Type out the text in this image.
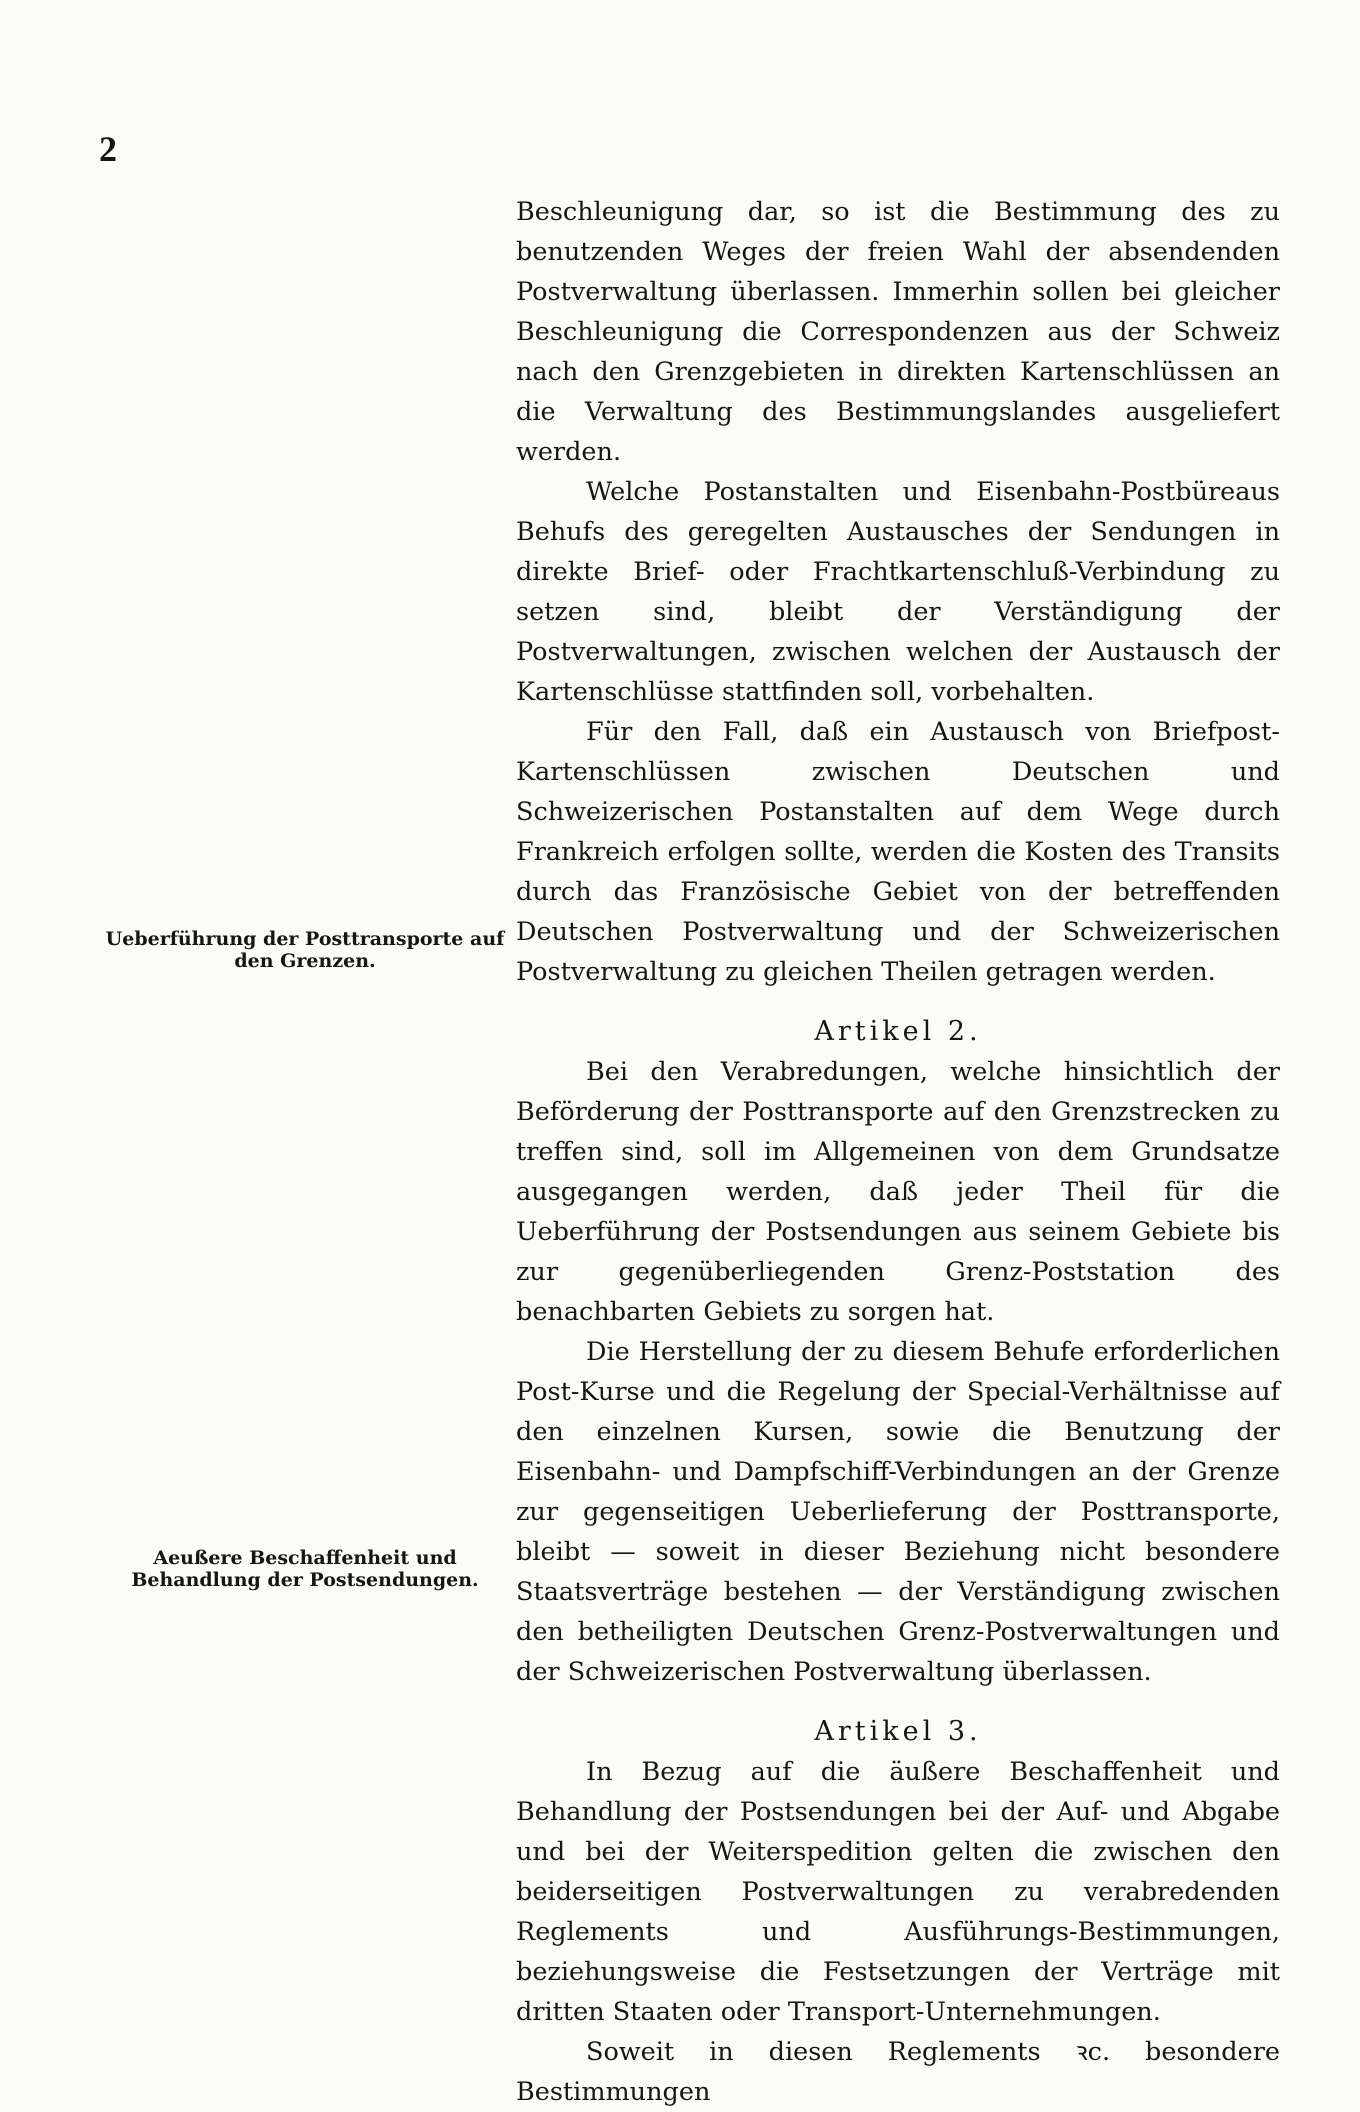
2
Ueberführung der Posttransporte auf den Grenzen.
Aeußere Beschaffenheit und Behandlung der Postsendungen.

Beschleunigung dar, so ist die Bestimmung des zu benutzenden Weges der freien Wahl der absendenden Postverwaltung überlassen. Immerhin sollen bei gleicher Beschleunigung die Correspondenzen aus der Schweiz nach den Grenzgebieten in direkten Kartenschlüssen an die Verwaltung des Bestimmungslandes ausgeliefert werden.

Welche Postanstalten und Eisenbahn-Postbüreaus Behufs des geregelten Austausches der Sendungen in direkte Brief- oder Frachtkartenschluß-Verbindung zu setzen sind, bleibt der Verständigung der Postverwaltungen, zwischen welchen der Austausch der Kartenschlüsse stattfinden soll, vorbehalten.

Für den Fall, daß ein Austausch von Briefpost-Kartenschlüssen zwischen Deutschen und Schweizerischen Postanstalten auf dem Wege durch Frankreich erfolgen sollte, werden die Kosten des Transits durch das Französische Gebiet von der betreffenden Deutschen Postverwaltung und der Schweizerischen Postverwaltung zu gleichen Theilen getragen werden.

Artikel 2.

Bei den Verabredungen, welche hinsichtlich der Beförderung der Posttransporte auf den Grenzstrecken zu treffen sind, soll im Allgemeinen von dem Grundsatze ausgegangen werden, daß jeder Theil für die Ueberführung der Postsendungen aus seinem Gebiete bis zur gegenüberliegenden Grenz-Poststation des benachbarten Gebiets zu sorgen hat.

Die Herstellung der zu diesem Behufe erforderlichen Post-Kurse und die Regelung der Special-Verhältnisse auf den einzelnen Kursen, sowie die Benutzung der Eisenbahn- und Dampfschiff-Verbindungen an der Grenze zur gegenseitigen Ueberlieferung der Posttransporte, bleibt — soweit in dieser Beziehung nicht besondere Staatsverträge bestehen — der Verständigung zwischen den betheiligten Deutschen Grenz-Postverwaltungen und der Schweizerischen Postverwaltung überlassen.

Artikel 3.

In Bezug auf die äußere Beschaffenheit und Behandlung der Postsendungen bei der Auf- und Abgabe und bei der Weiterspedition gelten die zwischen den beiderseitigen Postverwaltungen zu verabredenden Reglements und Ausführungs-Bestimmungen, beziehungsweise die Festsetzungen der Verträge mit dritten Staaten oder Transport-Unternehmungen.

Soweit in diesen Reglements ꝛc. besondere Bestimmungen
